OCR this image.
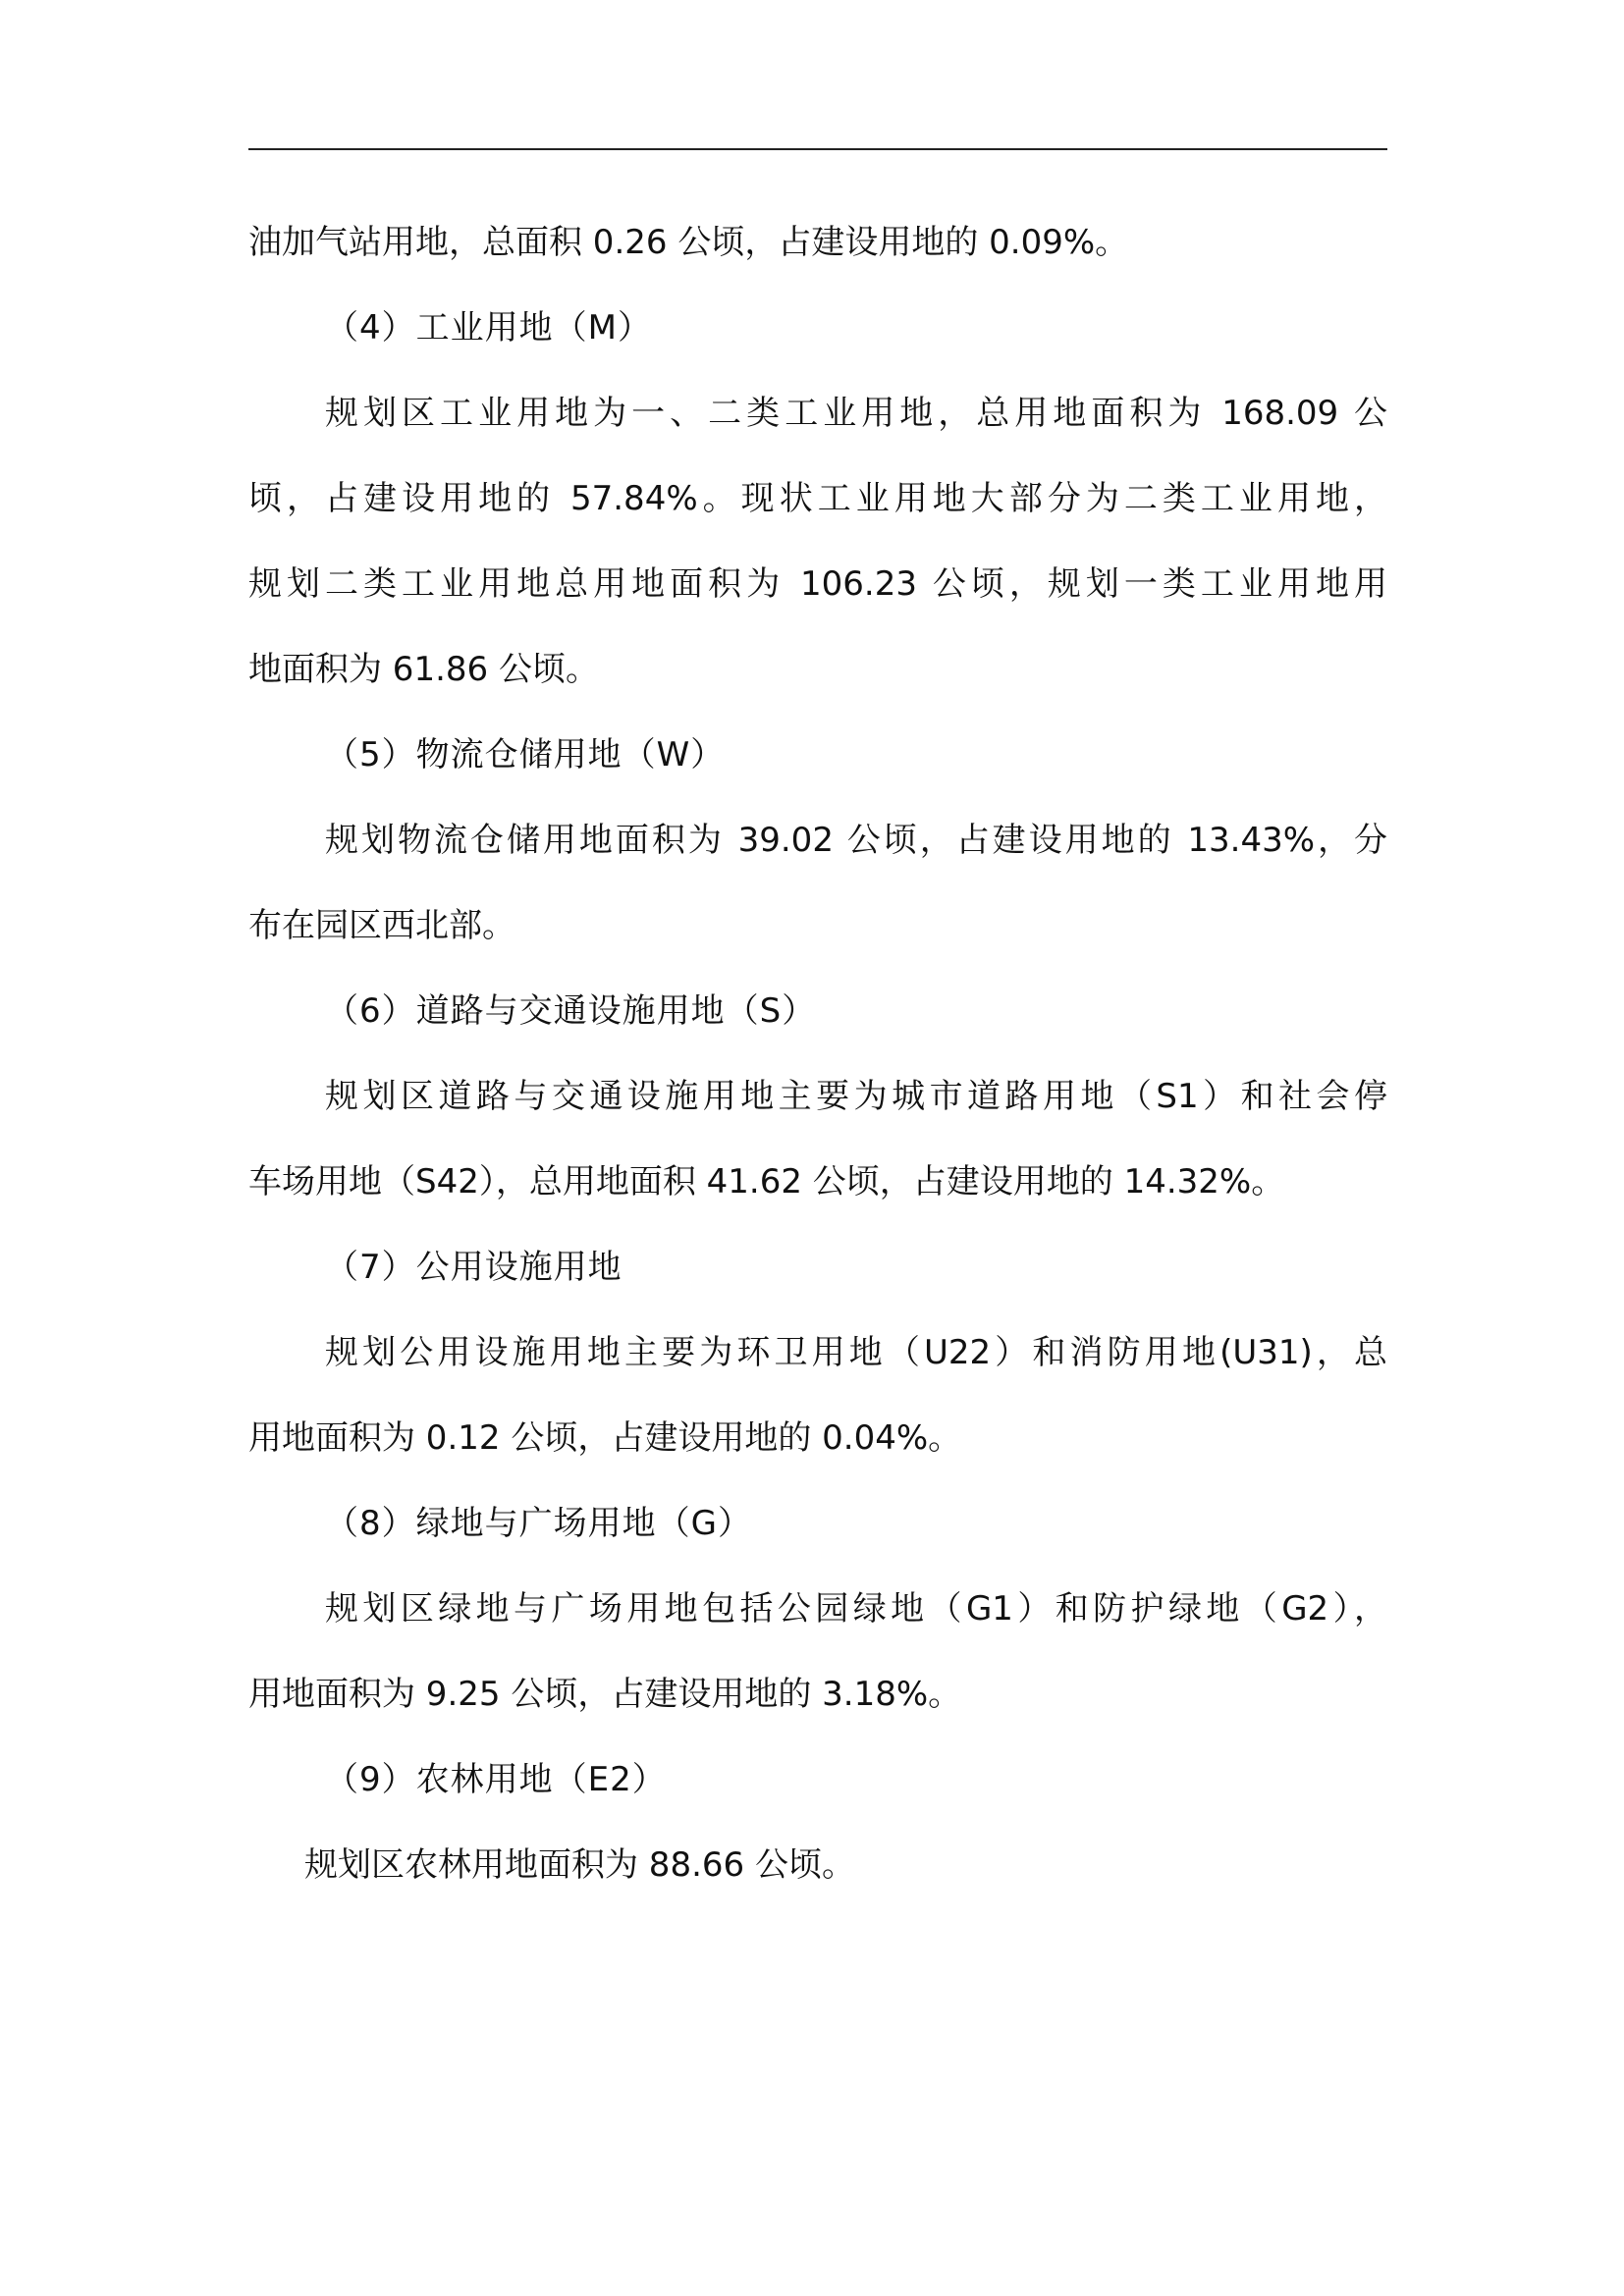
油加气站用地，总面积 0.26 公顷，占建设用地的 0.09%。
（4）工业用地（M）
规划区工业用地为一、二类工业用地，总用地面积为 168.09 公
顷，占建设用地的 57.84%。现状工业用地大部分为二类工业用地，
规划二类工业用地总用地面积为 106.23 公顷，规划一类工业用地用
地面积为 61.86 公顷。
（5）物流仓储用地（W）
规划物流仓储用地面积为 39.02 公顷，占建设用地的 13.43%，分
布在园区西北部。
（6）道路与交通设施用地（S）
规划区道路与交通设施用地主要为城市道路用地（S1）和社会停
车场用地（S42），总用地面积 41.62 公顷，占建设用地的 14.32%。
（7）公用设施用地
规划公用设施用地主要为环卫用地（U22）和消防用地(U31)，总
用地面积为 0.12 公顷，占建设用地的 0.04%。
（8）绿地与广场用地（G）
规划区绿地与广场用地包括公园绿地（G1）和防护绿地（G2），
用地面积为 9.25 公顷，占建设用地的 3.18%。
（9）农林用地（E2）
规划区农林用地面积为 88.66 公顷。
